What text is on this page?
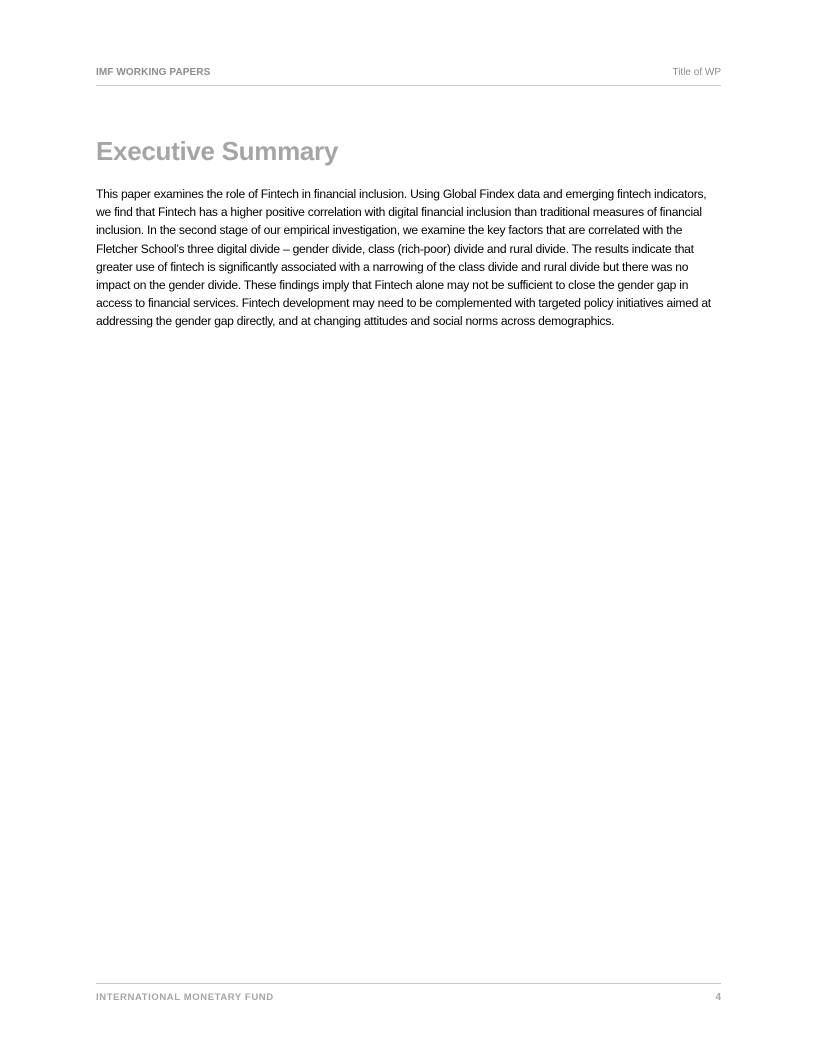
IMF WORKING PAPERS	Title of WP
Executive Summary

This paper examines the role of Fintech in financial inclusion. Using Global Findex data and emerging fintech indicators, we find that Fintech has a higher positive correlation with digital financial inclusion than traditional measures of financial inclusion. In the second stage of our empirical investigation, we examine the key factors that are correlated with the Fletcher School’s three digital divide – gender divide, class (rich-poor) divide and rural divide. The results indicate that greater use of fintech is significantly associated with a narrowing of the class divide and rural divide but there was no impact on the gender divide. These findings imply that Fintech alone may not be sufficient to close the gender gap in access to financial services. Fintech development may need to be complemented with targeted policy initiatives aimed at addressing the gender gap directly, and at changing attitudes and social norms across demographics.

INTERNATIONAL MONETARY FUND	4
